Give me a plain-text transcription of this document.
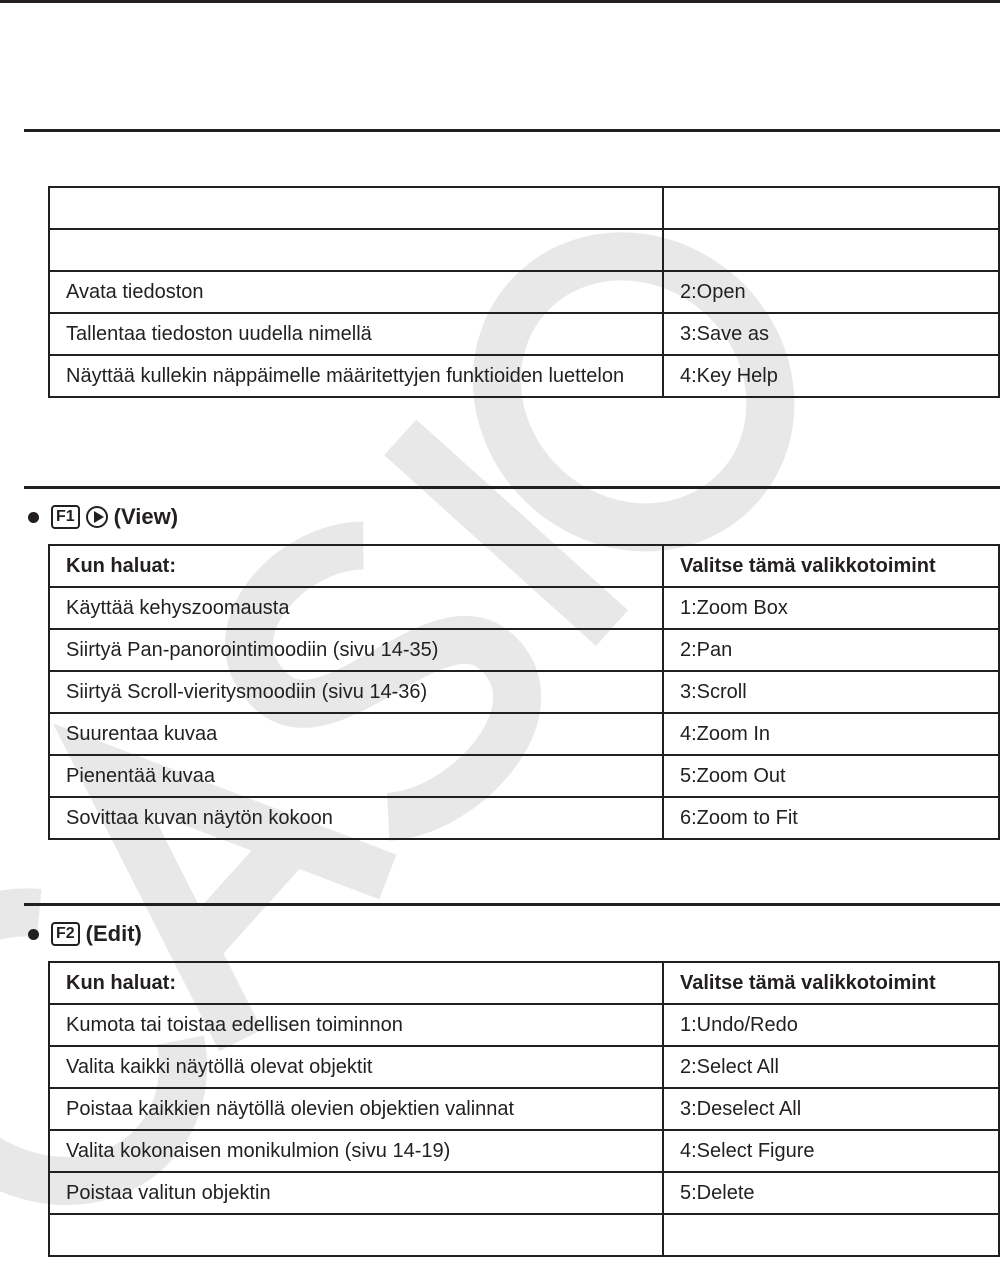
Avata tiedoston	2:Open
Tallentaa tiedoston uudella nimellä	3:Save as
Näyttää kullekin näppäimelle määritettyjen funktioiden luettelon	4:Key Help
F1 (View)
Kun haluat:	Valitse tämä valikkotoimint
Käyttää kehyszoomausta	1:Zoom Box
Siirtyä Pan-panorointimoodiin (sivu 14-35)	2:Pan
Siirtyä Scroll-vieritysmoodiin (sivu 14-36)	3:Scroll
Suurentaa kuvaa	4:Zoom In
Pienentää kuvaa	5:Zoom Out
Sovittaa kuvan näytön kokoon	6:Zoom to Fit
F2 (Edit)
Kun haluat:	Valitse tämä valikkotoimint
Kumota tai toistaa edellisen toiminnon	1:Undo/Redo
Valita kaikki näytöllä olevat objektit	2:Select All
Poistaa kaikkien näytöllä olevien objektien valinnat	3:Deselect All
Valita kokonaisen monikulmion (sivu 14-19)	4:Select Figure
Poistaa valitun objektin	5:Delete
